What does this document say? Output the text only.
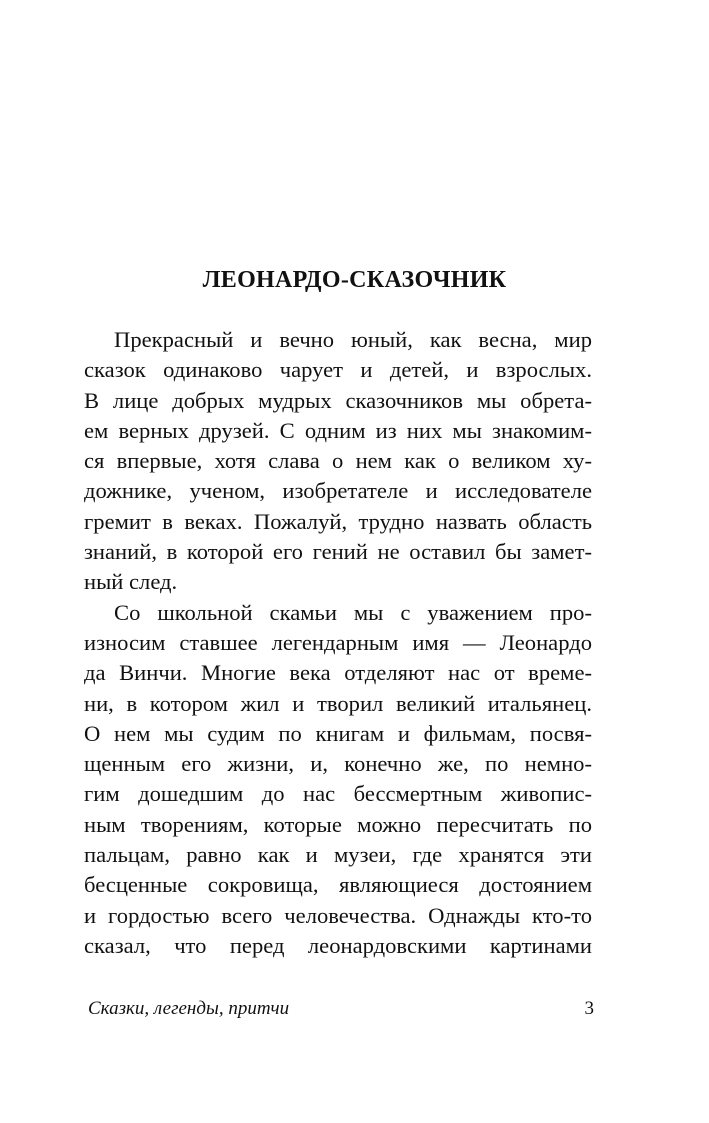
ЛЕОНАРДО-СКАЗОЧНИК
Прекрасный и вечно юный, как весна, мир
сказок одинаково чарует и детей, и взрослых.
В лице добрых мудрых сказочников мы обрета-
ем верных друзей. С одним из них мы знакомим-
ся впервые, хотя слава о нем как о великом ху-
дожнике, ученом, изобретателе и исследователе
гремит в веках. Пожалуй, трудно назвать область
знаний, в которой его гений не оставил бы замет-
ный след.
Со школьной скамьи мы с уважением про-
износим ставшее легендарным имя — Леонардо
да Винчи. Многие века отделяют нас от време-
ни, в котором жил и творил великий итальянец.
О нем мы судим по книгам и фильмам, посвя-
щенным его жизни, и, конечно же, по немно-
гим дошедшим до нас бессмертным живопис-
ным творениям, которые можно пересчитать по
пальцам, равно как и музеи, где хранятся эти
бесценные сокровища, являющиеся достоянием
и гордостью всего человечества. Однажды кто-то
сказал, что перед леонардовскими картинами
Сказки, легенды, притчи	3
